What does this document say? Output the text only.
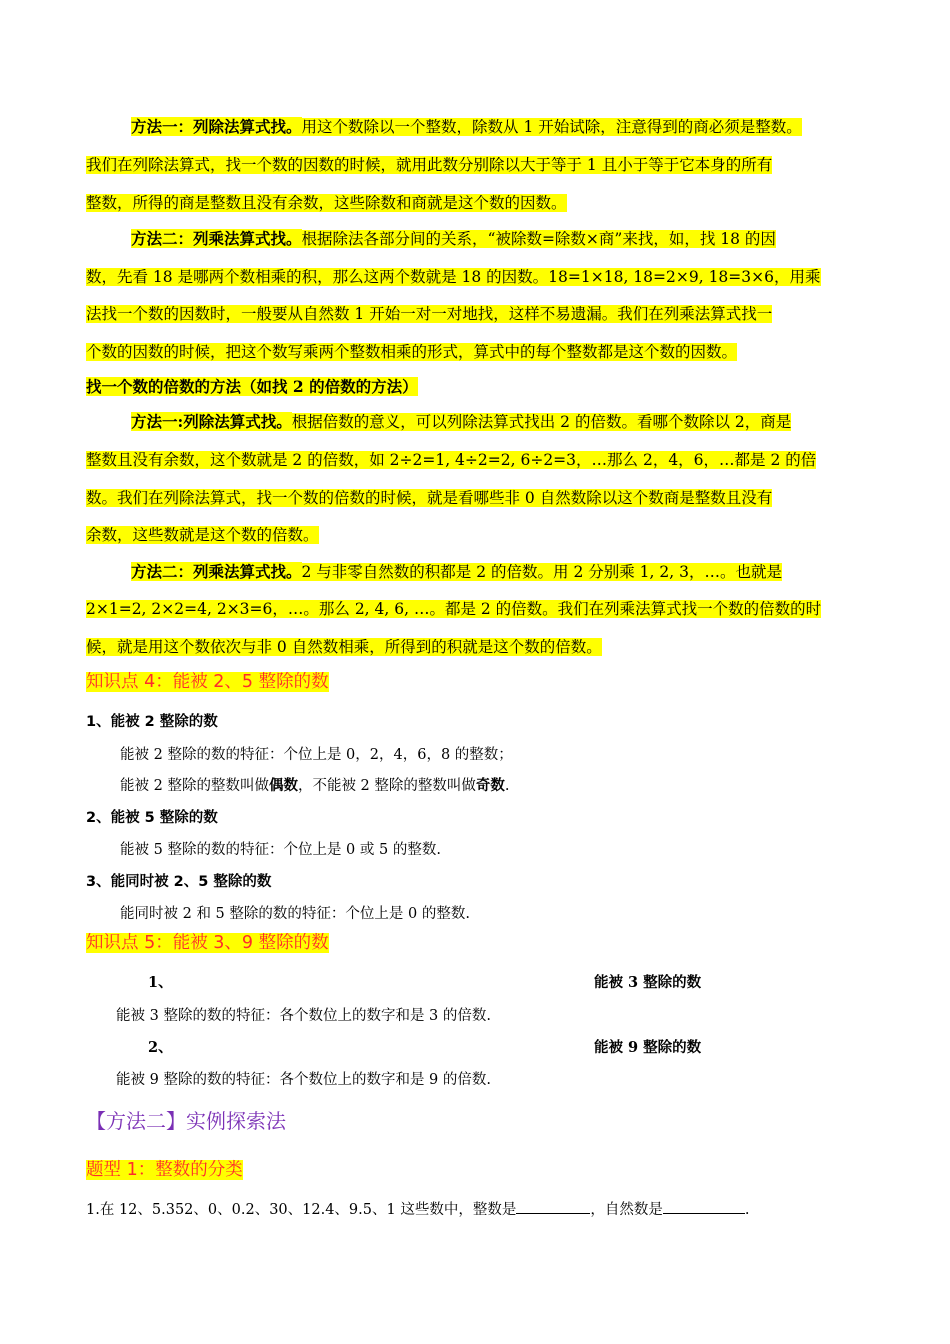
方法一：列除法算式找。用这个数除以一个整数，除数从 1 开始试除，注意得到的商必须是整数。
我们在列除法算式，找一个数的因数的时候，就用此数分别除以大于等于 1 且小于等于它本身的所有
整数，所得的商是整数且没有余数，这些除数和商就是这个数的因数。
方法二：列乘法算式找。根据除法各部分间的关系，“被除数=除数×商”来找，如，找 18 的因
数，先看 18 是哪两个数相乘的积，那么这两个数就是 18 的因数。18=1×18, 18=2×9, 18=3×6，用乘
法找一个数的因数时，一般要从自然数 1 开始一对一对地找，这样不易遗漏。我们在列乘法算式找一
个数的因数的时候，把这个数写乘两个整数相乘的形式，算式中的每个整数都是这个数的因数。
找一个数的倍数的方法（如找 2 的倍数的方法）
方法一:列除法算式找。根据倍数的意义，可以列除法算式找出 2 的倍数。看哪个数除以 2，商是
整数且没有余数，这个数就是 2 的倍数，如 2÷2=1, 4÷2=2, 6÷2=3，…那么 2，4，6，…都是 2 的倍
数。我们在列除法算式，找一个数的倍数的时候，就是看哪些非 0 自然数除以这个数商是整数且没有
余数，这些数就是这个数的倍数。
方法二：列乘法算式找。2 与非零自然数的积都是 2 的倍数。用 2 分别乘 1, 2, 3，…。也就是
2×1=2, 2×2=4, 2×3=6，…。那么 2, 4, 6, …。都是 2 的倍数。我们在列乘法算式找一个数的倍数的时
候，就是用这个数依次与非 0 自然数相乘，所得到的积就是这个数的倍数。
知识点 4：能被 2、5 整除的数
1、能被 2 整除的数
能被 2 整除的数的特征：个位上是 0，2，4，6，8 的整数；
能被 2 整除的整数叫做偶数，不能被 2 整除的整数叫做奇数.
2、能被 5 整除的数
能被 5 整除的数的特征：个位上是 0 或 5 的整数.
3、能同时被 2、5 整除的数
能同时被 2 和 5 整除的数的特征：个位上是 0 的整数.
知识点 5：能被 3、9 整除的数
1、	能被 3 整除的数
能被 3 整除的数的特征：各个数位上的数字和是 3 的倍数.
2、	能被 9 整除的数
能被 9 整除的数的特征：各个数位上的数字和是 9 的倍数.
【方法二】实例探索法
题型 1：整数的分类
1.在 12、5.352、0、0.2、30、12.4、9.5、1 这些数中，整数是	，自然数是	.
